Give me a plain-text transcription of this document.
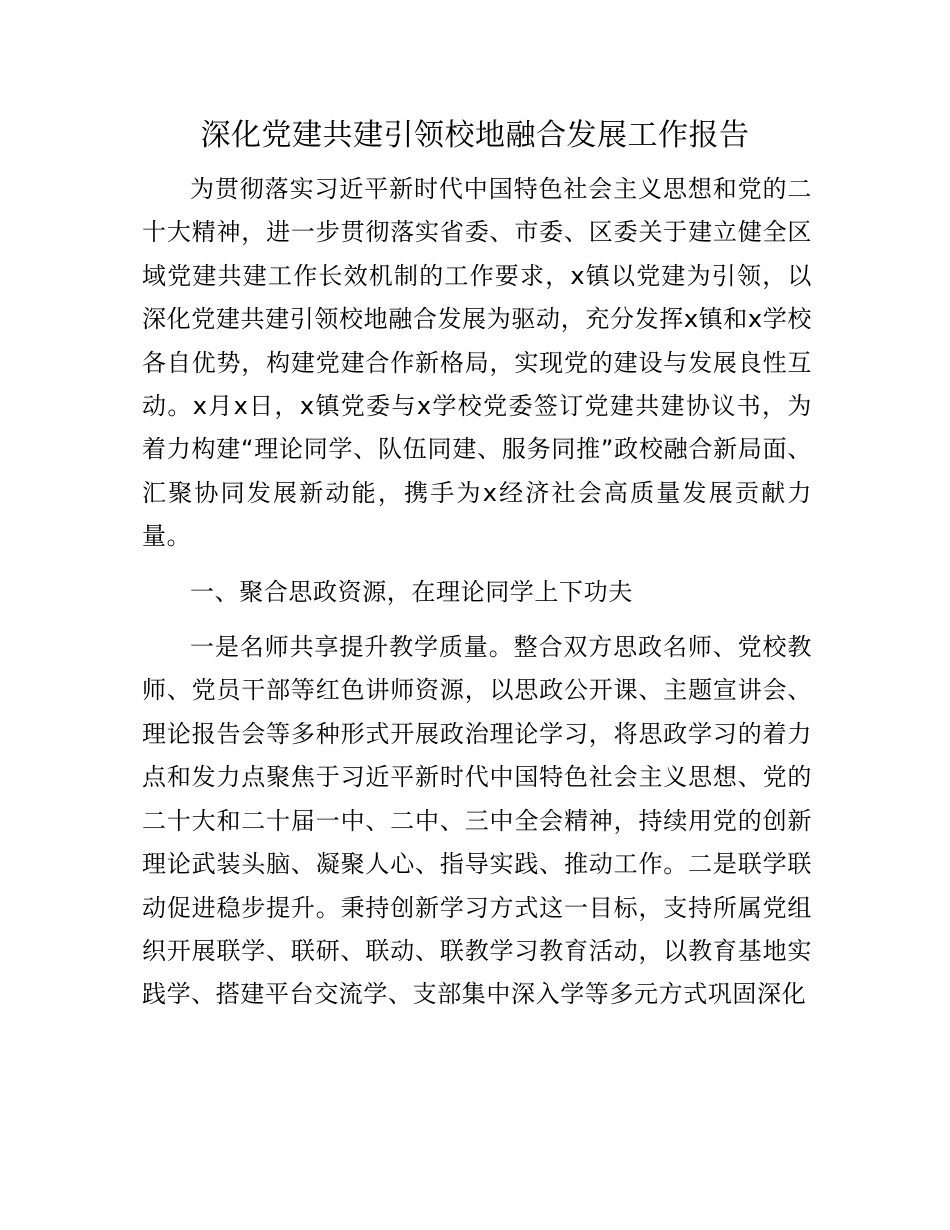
深化党建共建引领校地融合发展工作报告

为贯彻落实习近平新时代中国特色社会主义思想和党的二十大精神，进一步贯彻落实省委、市委、区委关于建立健全区域党建共建工作长效机制的工作要求，x镇以党建为引领，以深化党建共建引领校地融合发展为驱动，充分发挥x镇和x学校各自优势，构建党建合作新格局，实现党的建设与发展良性互动。x月x日，x镇党委与x学校党委签订党建共建协议书，为着力构建“理论同学、队伍同建、服务同推”政校融合新局面、汇聚协同发展新动能，携手为x经济社会高质量发展贡献力量。

一、聚合思政资源，在理论同学上下功夫

一是名师共享提升教学质量。整合双方思政名师、党校教师、党员干部等红色讲师资源，以思政公开课、主题宣讲会、理论报告会等多种形式开展政治理论学习，将思政学习的着力点和发力点聚焦于习近平新时代中国特色社会主义思想、党的二十大和二十届一中、二中、三中全会精神，持续用党的创新理论武装头脑、凝聚人心、指导实践、推动工作。二是联学联动促进稳步提升。秉持创新学习方式这一目标，支持所属党组织开展联学、联研、联动、联教学习教育活动，以教育基地实践学、搭建平台交流学、支部集中深入学等多元方式巩固深化
